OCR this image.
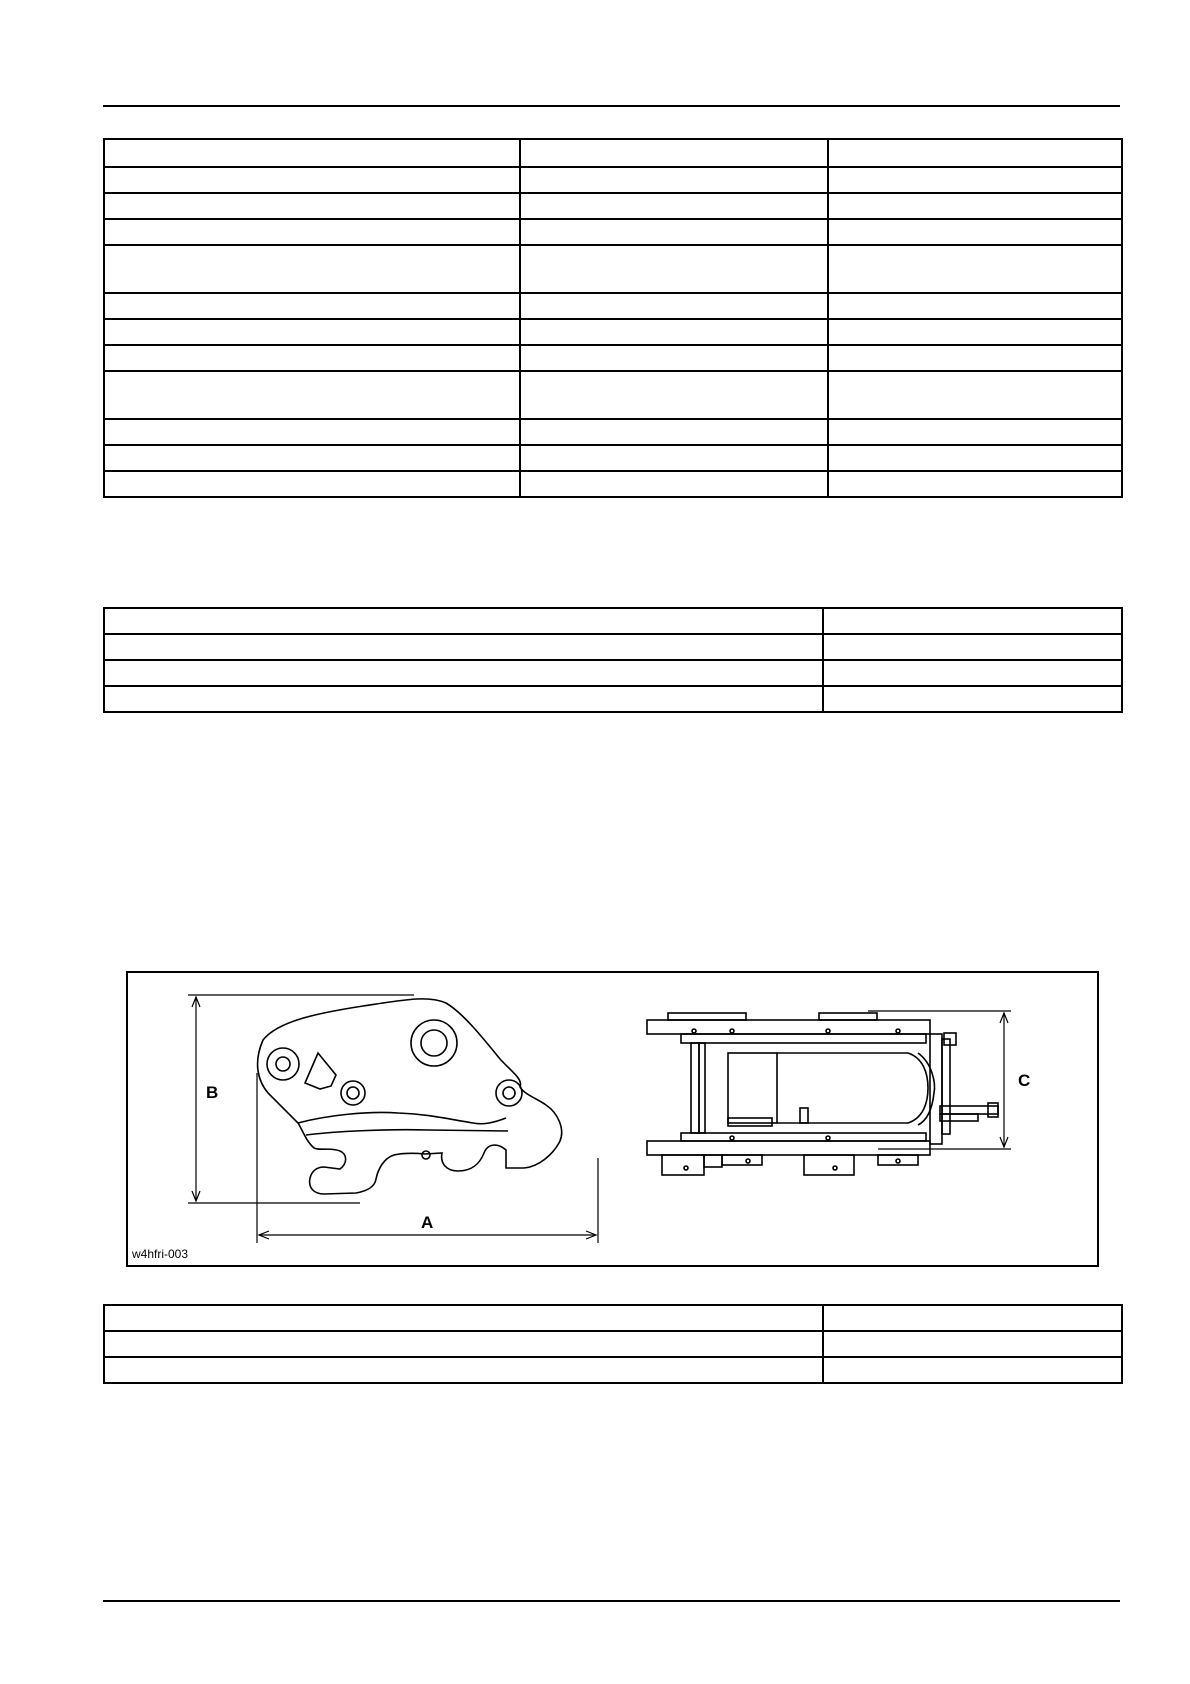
B
A
C
w4hfri-003
